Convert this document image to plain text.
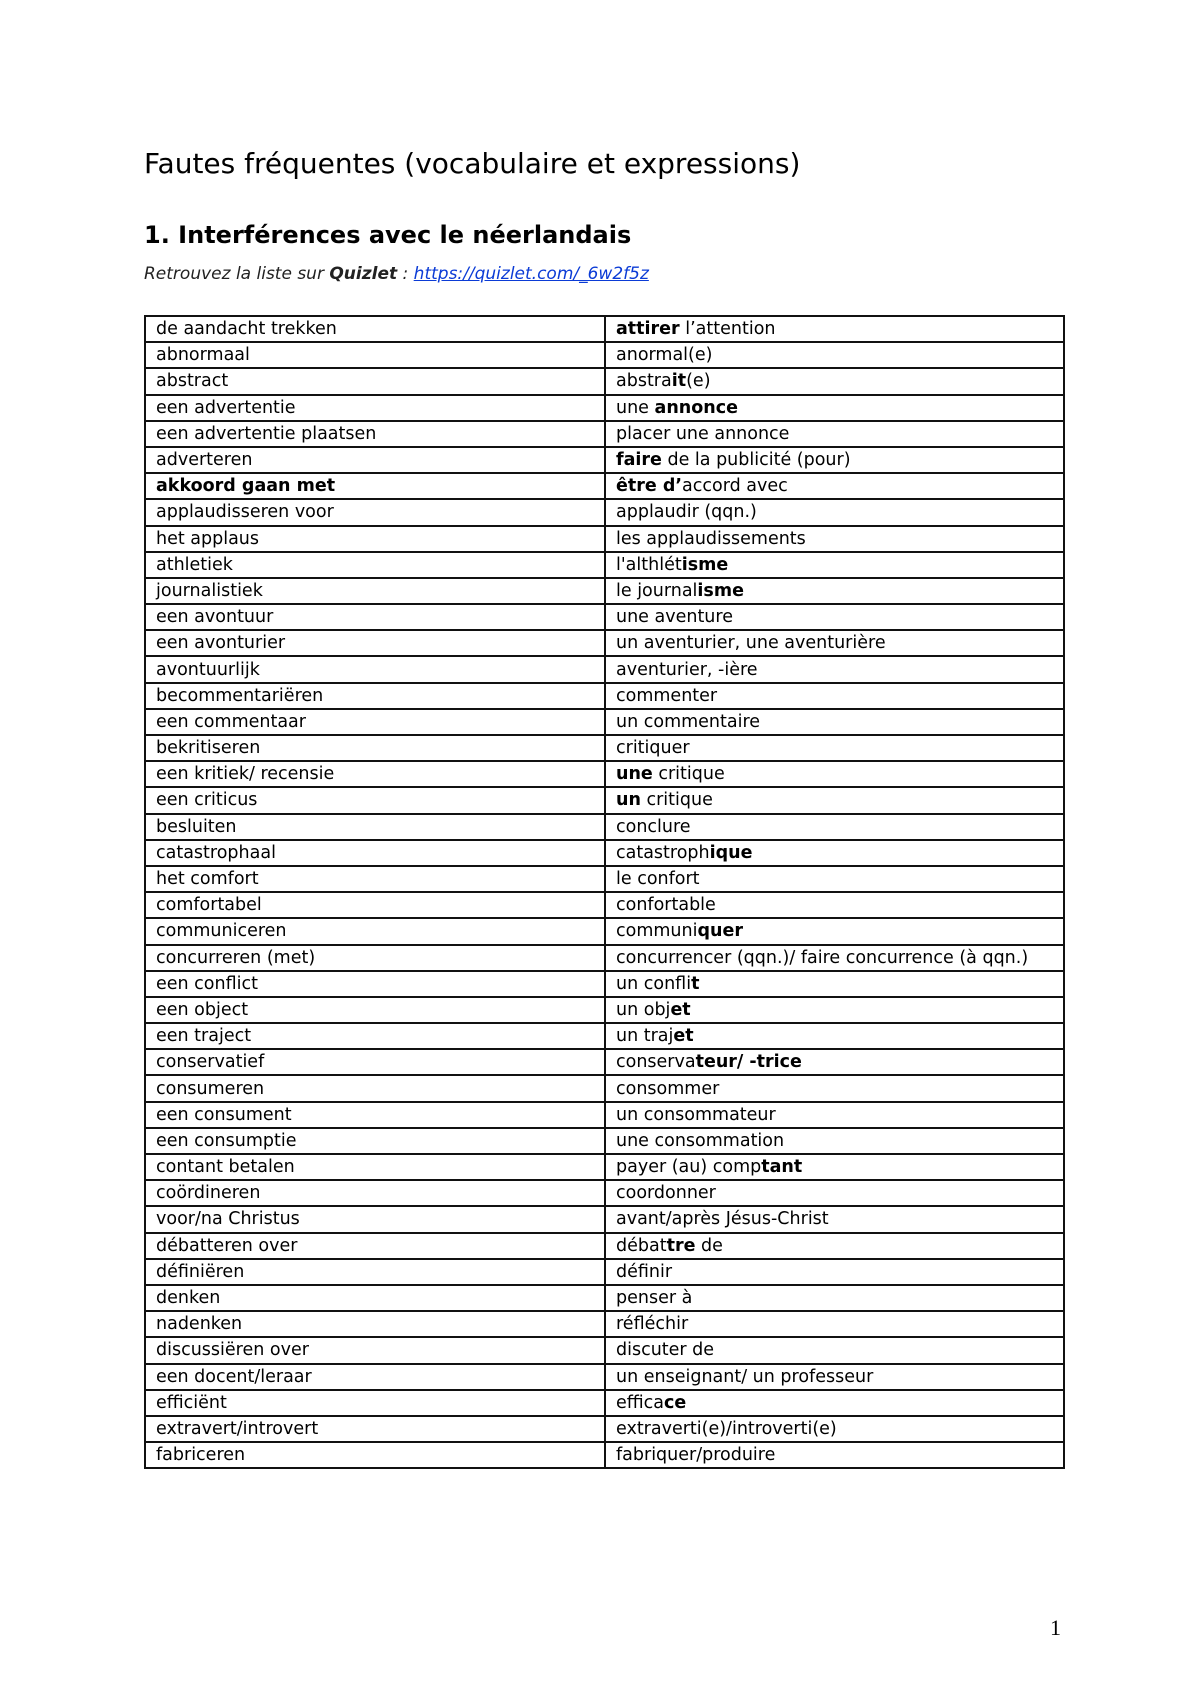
Fautes fréquentes (vocabulaire et expressions)
1. Interférences avec le néerlandais
Retrouvez la liste sur Quizlet : https://quizlet.com/_6w2f5z
de aandacht trekken	attirer l’attention
abnormaal	anormal(e)
abstract	abstrait(e)
een advertentie	une annonce
een advertentie plaatsen	placer une annonce
adverteren	faire de la publicité (pour)
akkoord gaan met	être d’accord avec
applaudisseren voor	applaudir (qqn.)
het applaus	les applaudissements
athletiek	l'althlétisme
journalistiek	le journalisme
een avontuur	une aventure
een avonturier	un aventurier, une aventurière
avontuurlijk	aventurier, -ière
becommentariëren	commenter
een commentaar	un commentaire
bekritiseren	critiquer
een kritiek/ recensie	une critique
een criticus	un critique
besluiten	conclure
catastrophaal	catastrophique
het comfort	le confort
comfortabel	confortable
communiceren	communiquer
concurreren (met)	concurrencer (qqn.)/ faire concurrence (à qqn.)
een conflict	un conflit
een object	un objet
een traject	un trajet
conservatief	conservateur/ -trice
consumeren	consommer
een consument	un consommateur
een consumptie	une consommation
contant betalen	payer (au) comptant
coördineren	coordonner
voor/na Christus	avant/après Jésus-Christ
débatteren over	débattre de
définiëren	définir
denken	penser à
nadenken	réfléchir
discussiëren over	discuter de
een docent/leraar	un enseignant/ un professeur
efficiënt	efficace
extravert/introvert	extraverti(e)/introverti(e)
fabriceren	fabriquer/produire
1
